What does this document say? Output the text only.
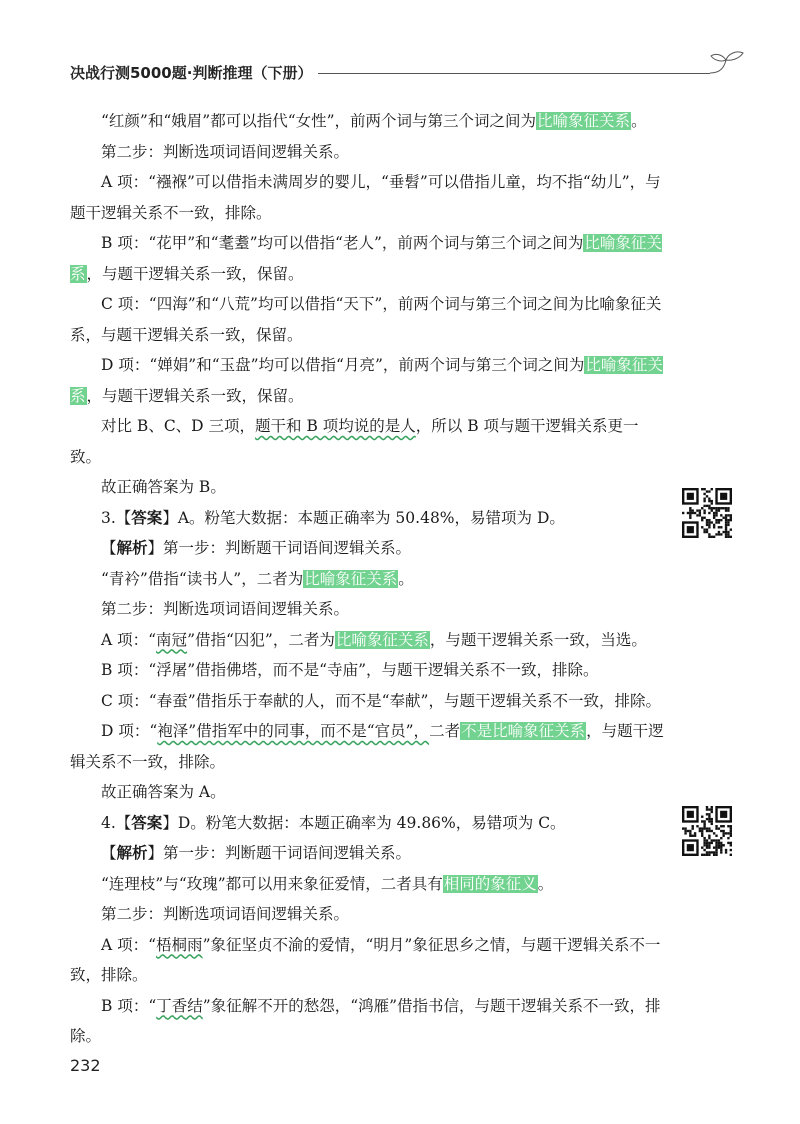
决战行测5000题·判断推理（下册）

“红颜”和“娥眉”都可以指代“女性”，前两个词与第三个词之间为比喻象征关系。

第二步：判断选项词语间逻辑关系。

A 项：“襁褓”可以借指未满周岁的婴儿，“垂髫”可以借指儿童，均不指“幼儿”，与题干逻辑关系不一致，排除。

B 项：“花甲”和“耄耋”均可以借指“老人”，前两个词与第三个词之间为比喻象征关系，与题干逻辑关系一致，保留。

C 项：“四海”和“八荒”均可以借指“天下”，前两个词与第三个词之间为比喻象征关系，与题干逻辑关系一致，保留。

D 项：“婵娟”和“玉盘”均可以借指“月亮”，前两个词与第三个词之间为比喻象征关系，与题干逻辑关系一致，保留。

对比 B、C、D 三项，题干和 B 项均说的是人，所以 B 项与题干逻辑关系更一致。

故正确答案为 B。

3.【答案】A。粉笔大数据：本题正确率为 50.48%，易错项为 D。

【解析】第一步：判断题干词语间逻辑关系。

“青衿”借指“读书人”，二者为比喻象征关系。

第二步：判断选项词语间逻辑关系。

A 项：“南冠”借指“囚犯”，二者为比喻象征关系，与题干逻辑关系一致，当选。

B 项：“浮屠”借指佛塔，而不是“寺庙”，与题干逻辑关系不一致，排除。

C 项：“春蚕”借指乐于奉献的人，而不是“奉献”，与题干逻辑关系不一致，排除。

D 项：“袍泽”借指军中的同事，而不是“官员”，二者不是比喻象征关系，与题干逻辑关系不一致，排除。

故正确答案为 A。

4.【答案】D。粉笔大数据：本题正确率为 49.86%，易错项为 C。

【解析】第一步：判断题干词语间逻辑关系。

“连理枝”与“玫瑰”都可以用来象征爱情，二者具有相同的象征义。

第二步：判断选项词语间逻辑关系。

A 项：“梧桐雨”象征坚贞不渝的爱情，“明月”象征思乡之情，与题干逻辑关系不一致，排除。

B 项：“丁香结”象征解不开的愁怨，“鸿雁”借指书信，与题干逻辑关系不一致，排除。

232
